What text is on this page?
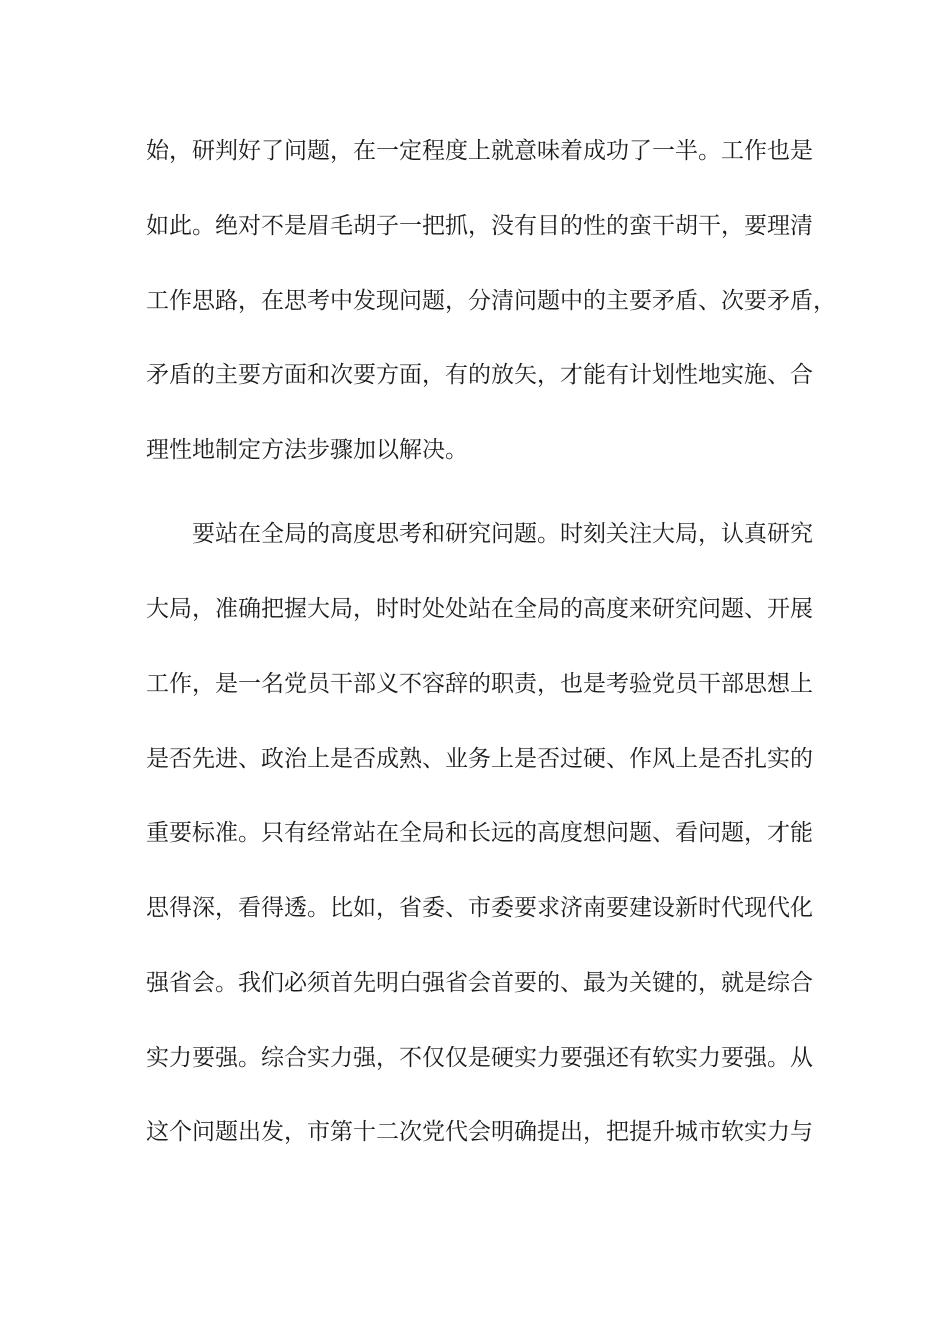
始，研判好了问题，在一定程度上就意味着成功了一半。工作也是
如此。绝对不是眉毛胡子一把抓，没有目的性的蛮干胡干，要理清
工作思路，在思考中发现问题，分清问题中的主要矛盾、次要矛盾，
矛盾的主要方面和次要方面，有的放矢，才能有计划性地实施、合
理性地制定方法步骤加以解决。
要站在全局的高度思考和研究问题。时刻关注大局，认真研究
大局，准确把握大局，时时处处站在全局的高度来研究问题、开展
工作，是一名党员干部义不容辞的职责，也是考验党员干部思想上
是否先进、政治上是否成熟、业务上是否过硬、作风上是否扎实的
重要标准。只有经常站在全局和长远的高度想问题、看问题，才能
思得深，看得透。比如，省委、市委要求济南要建设新时代现代化
强省会。我们必须首先明白强省会首要的、最为关键的，就是综合
实力要强。综合实力强，不仅仅是硬实力要强还有软实力要强。从
这个问题出发，市第十二次党代会明确提出，把提升城市软实力与
